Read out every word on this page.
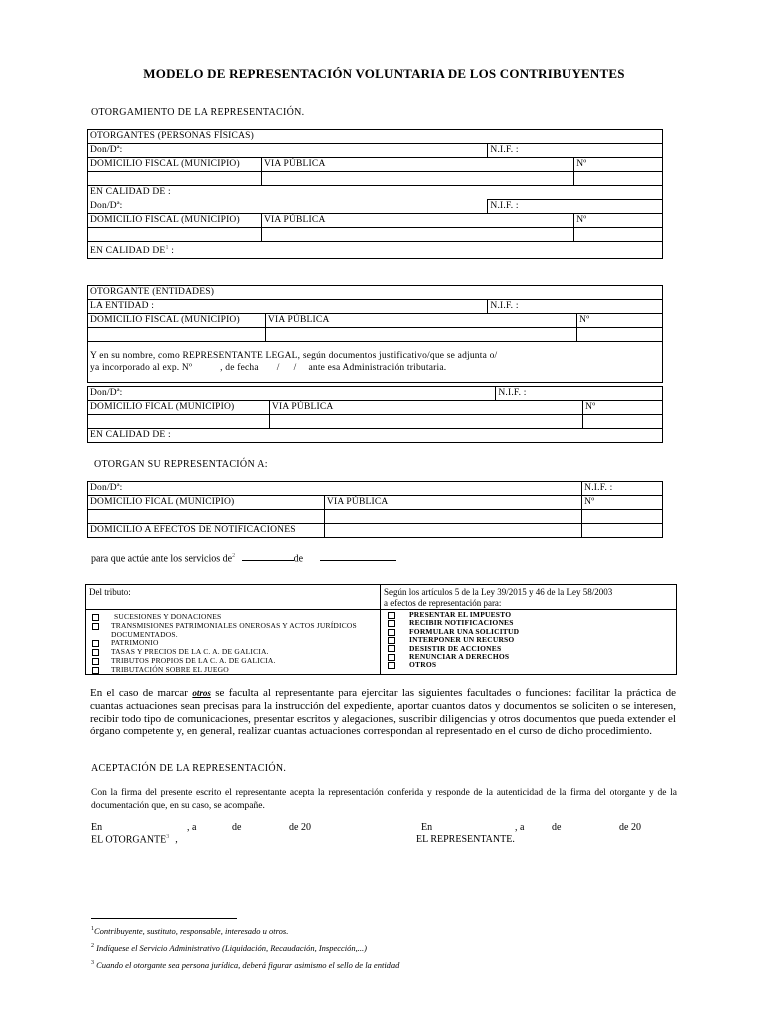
MODELO DE REPRESENTACIÓN VOLUNTARIA DE LOS CONTRIBUYENTES
OTORGAMIENTO DE LA REPRESENTACIÓN.
OTORGANTES (PERSONAS FÍSICAS)			
Don/Dª:		N.I.F. :	
DOMICILIO FISCAL (MUNICIPIO)	VIA PÚBLICA		Nº

EN CALIDAD DE :			
Don/Dª:		N.I.F. :	
DOMICILIO FISCAL (MUNICIPIO)	VIA PÚBLICA		Nº

EN CALIDAD $DE^1$ :			
OTORGANTE (ENTIDADES)			
LA ENTIDAD :		N.I.F. :	
DOMICILIO FISCAL (MUNICIPIO)	VIA PÚBLICA		Nº

Y en su nombre, como REPRESENTANTE LEGAL, según documentos justificativo/que se adjunta o/
ya incorporado al exp. Nº , de fecha / / ante esa Administración tributaria.			
Don/Dª:		N.I.F. :	
DOMICILIO FICAL (MUNICIPIO)	VIA PÚBLICA		Nº

EN CALIDAD DE :			
OTORGAN SU REPRESENTACIÓN A:
Don/Dª:		N.I.F. :
DOMICILIO FICAL (MUNICIPIO)	VIA PÚBLICA	Nº

DOMICILIO A EFECTOS DE NOTIFICACIONES		
para que actúe ante los servicios $de^2$	de
Del tributo:
SUCESIONES Y DONACIONES
TRANSMISIONES PATRIMONIALES ONEROSAS Y ACTOS JURÍDICOS
DOCUMENTADOS.
PATRIMONIO
TASAS Y PRECIOS DE LA C. A. DE GALICIA.
TRIBUTOS PROPIOS DE LA C. A. DE GALICIA.
TRIBUTACIÓN SOBRE EL JUEGO
Según los artículos 5 de la Ley 39/2015 y 46 de la Ley 58/2003
a efectos de representación para:
PRESENTAR EL IMPUESTO
RECIBIR NOTIFICACIONES
FORMULAR UNA SOLICITUD
INTERPONER UN RECURSO
DESISTIR DE ACCIONES
RENUNCIAR A DERECHOS
OTROS
En el caso de marcar otros se faculta al representante para ejercitar las siguientes facultades o funciones: facilitar la práctica de cuantas actuaciones sean precisas para la instrucción del expediente, aportar cuantos datos y documentos se soliciten o se interesen, recibir todo tipo de comunicaciones, presentar escritos y alegaciones, suscribir diligencias y otros documentos que pueda extender el órgano competente y, en general, realizar cuantas actuaciones correspondan al representado en el curso de dicho procedimiento.
ACEPTACIÓN DE LA REPRESENTACIÓN.
Con la firma del presente escrito el representante acepta la representación conferida y responde de la autenticidad de la firma del otorgante y de la documentación que, en su caso, se acompañe.
En	, a	de	de 20	En	, a	de	de 20
EL OTORGANTE$^3$ ,	EL REPRESENTANTE.
$^1$Contribuyente, sustituto, responsable, interesado u otros.
$^2$ Indíquese el Servicio Administrativo (Liquidación, Recaudación, Inspección,...)
$^3$ Cuando el otorgante sea persona jurídica, deberá figurar asimismo el sello de la entidad
